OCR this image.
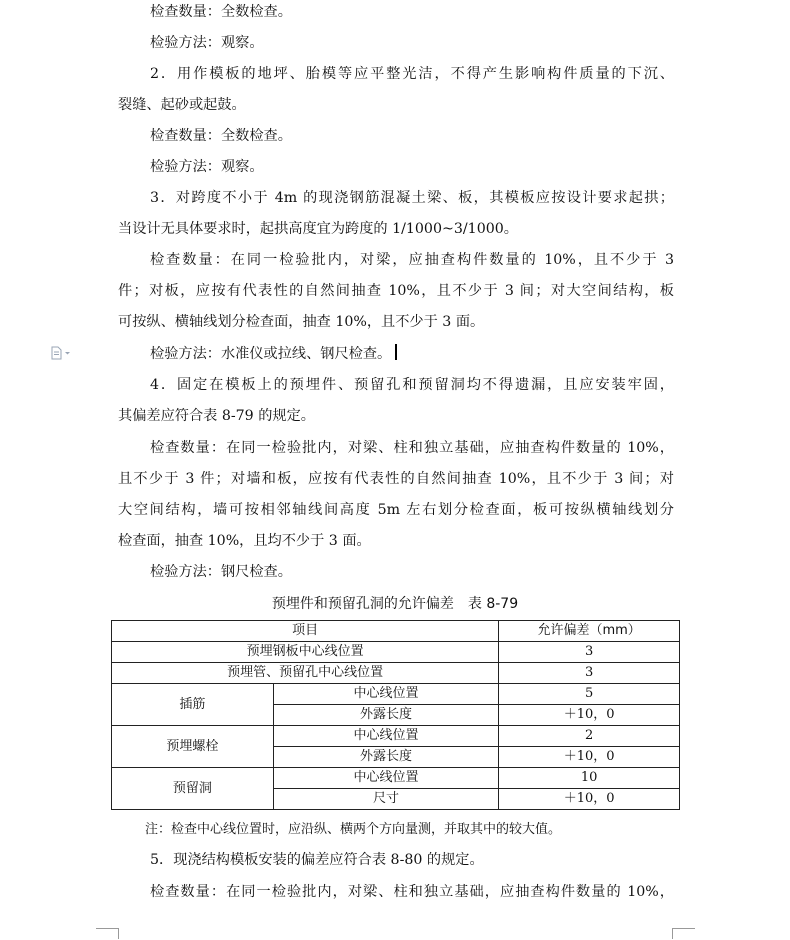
检查数量：全数检查。
检验方法：观察。
2．用作模板的地坪、胎模等应平整光洁，不得产生影响构件质量的下沉、
裂缝、起砂或起鼓。
检查数量：全数检查。
检验方法：观察。
3．对跨度不小于 4m 的现浇钢筋混凝土梁、板，其模板应按设计要求起拱；
当设计无具体要求时，起拱高度宜为跨度的 1/1000~3/1000。
检查数量：在同一检验批内，对梁，应抽查构件数量的 10%，且不少于 3
件；对板，应按有代表性的自然间抽查 10%，且不少于 3 间；对大空间结构，板
可按纵、横轴线划分检查面，抽查 10%，且不少于 3 面。
检验方法：水准仪或拉线、钢尺检查。
4．固定在模板上的预埋件、预留孔和预留洞均不得遗漏，且应安装牢固，
其偏差应符合表 8-79 的规定。
检查数量：在同一检验批内，对梁、柱和独立基础，应抽查构件数量的 10%，
且不少于 3 件；对墙和板，应按有代表性的自然间抽查 10%，且不少于 3 间；对
大空间结构，墙可按相邻轴线间高度 5m 左右划分检查面，板可按纵横轴线划分
检查面，抽查 10%，且均不少于 3 面。
检验方法：钢尺检查。
预埋件和预留孔洞的允许偏差　表 8-79
项目		允许偏差（mm）
预埋钢板中心线位置		3
预埋管、预留孔中心线位置		3
插筋	中心线位置	5
	外露长度	＋10，0
预埋螺栓	中心线位置	2
	外露长度	＋10，0
预留洞	中心线位置	10
	尺寸	＋10，0
注：检查中心线位置时，应沿纵、横两个方向量测，并取其中的较大值。
5．现浇结构模板安装的偏差应符合表 8-80 的规定。
检查数量：在同一检验批内，对梁、柱和独立基础，应抽查构件数量的 10%，
